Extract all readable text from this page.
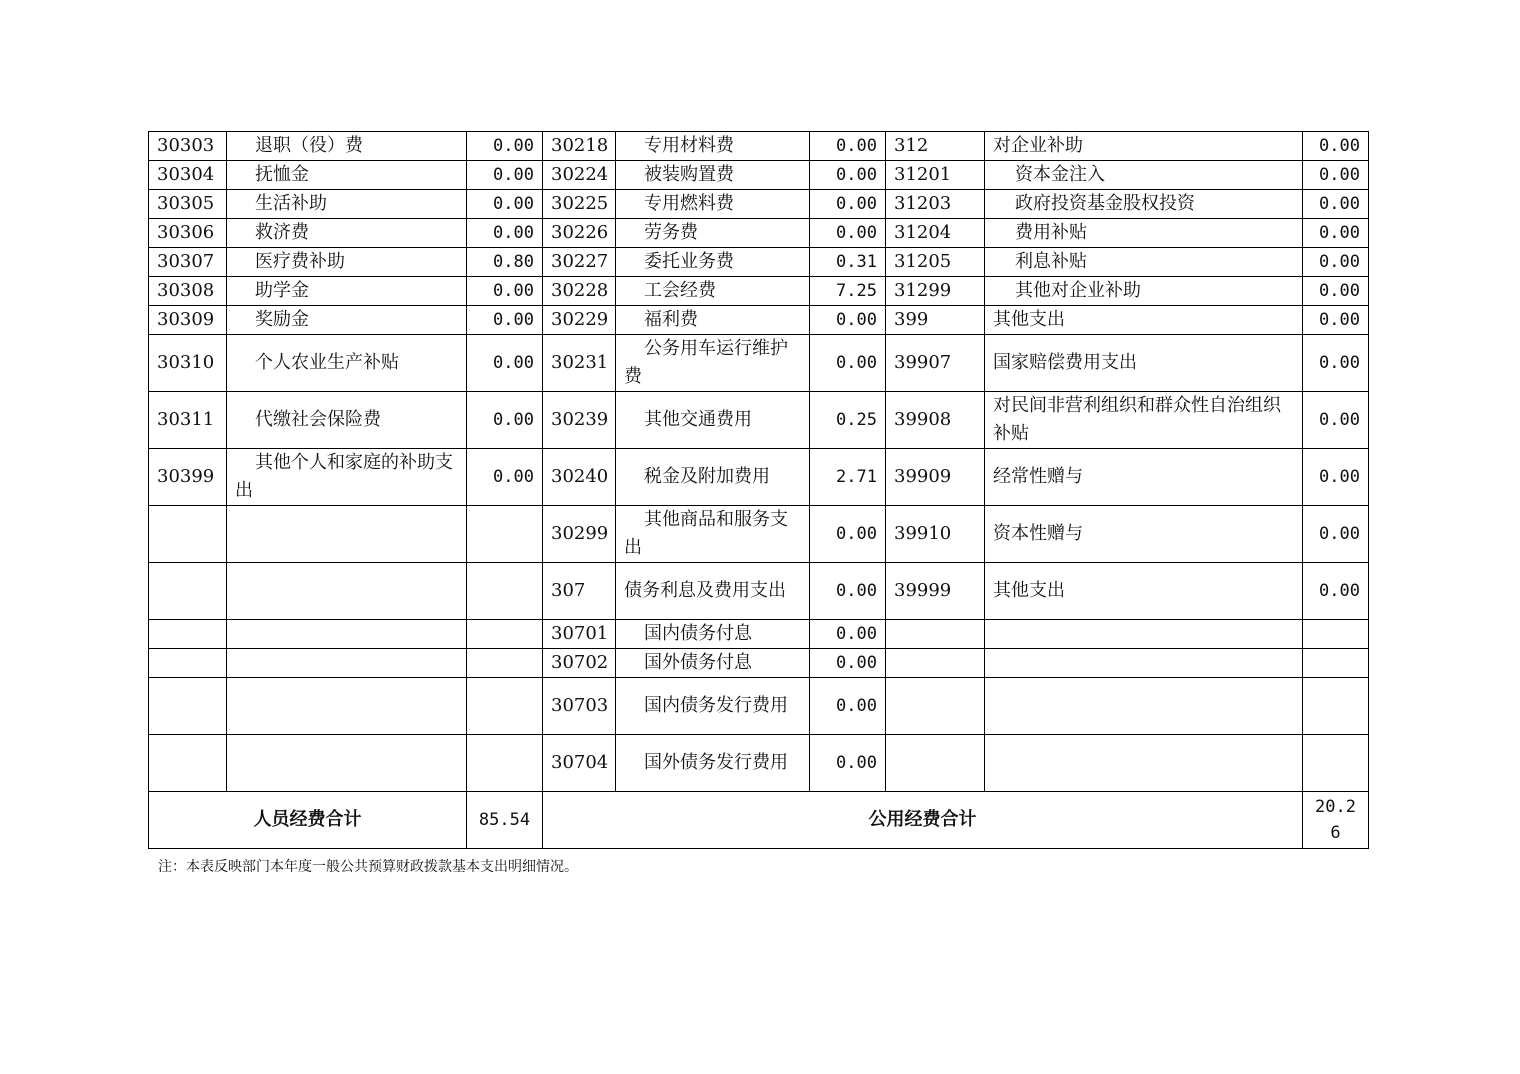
30303	退职（役）费	0.00	30218	专用材料费	0.00	312	对企业补助	0.00
30304	抚恤金	0.00	30224	被装购置费	0.00	31201	资本金注入	0.00
30305	生活补助	0.00	30225	专用燃料费	0.00	31203	政府投资基金股权投资	0.00
30306	救济费	0.00	30226	劳务费	0.00	31204	费用补贴	0.00
30307	医疗费补助	0.80	30227	委托业务费	0.31	31205	利息补贴	0.00
30308	助学金	0.00	30228	工会经费	7.25	31299	其他对企业补助	0.00
30309	奖励金	0.00	30229	福利费	0.00	399	其他支出	0.00
30310	个人农业生产补贴	0.00	30231	公务用车运行维护费	0.00	39907	国家赔偿费用支出	0.00
30311	代缴社会保险费	0.00	30239	其他交通费用	0.25	39908	对民间非营利组织和群众性自治组织补贴	0.00
30399	其他个人和家庭的补助支出	0.00	30240	税金及附加费用	2.71	39909	经常性赠与	0.00
			30299	其他商品和服务支出	0.00	39910	资本性赠与	0.00
			307	债务利息及费用支出	0.00	39999	其他支出	0.00
			30701	国内债务付息	0.00			
			30702	国外债务付息	0.00			
			30703	国内债务发行费用	0.00			
			30704	国外债务发行费用	0.00			
人员经费合计		85.54	公用经费合计					20.26
注：本表反映部门本年度一般公共预算财政拨款基本支出明细情况。
